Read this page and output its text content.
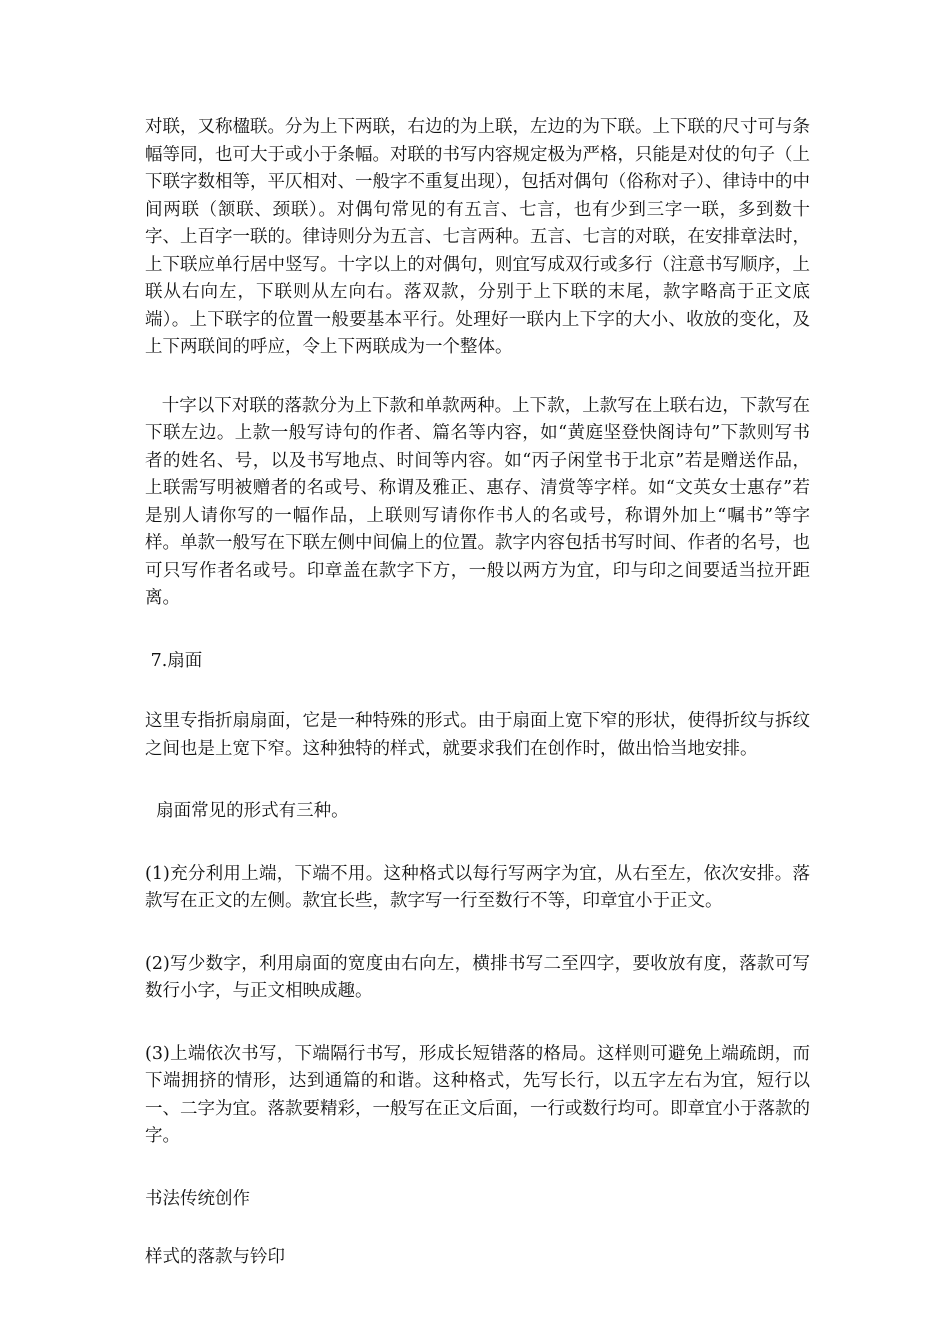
对联，又称楹联。分为上下两联，右边的为上联，左边的为下联。上下联的尺寸可与条幅等同，也可大于或小于条幅。对联的书写内容规定极为严格，只能是对仗的句子（上下联字数相等，平仄相对、一般字不重复出现），包括对偶句（俗称对子）、律诗中的中间两联（颔联、颈联）。对偶句常见的有五言、七言，也有少到三字一联，多到数十字、上百字一联的。律诗则分为五言、七言两种。五言、七言的对联，在安排章法时，上下联应单行居中竖写。十字以上的对偶句，则宜写成双行或多行（注意书写顺序，上联从右向左，下联则从左向右。落双款，分别于上下联的末尾，款字略高于正文底端）。上下联字的位置一般要基本平行。处理好一联内上下字的大小、收放的变化，及上下两联间的呼应，令上下两联成为一个整体。

十字以下对联的落款分为上下款和单款两种。上下款，上款写在上联右边，下款写在下联左边。上款一般写诗句的作者、篇名等内容，如“黄庭坚登快阁诗句”下款则写书者的姓名、号，以及书写地点、时间等内容。如“丙子闲堂书于北京”若是赠送作品，上联需写明被赠者的名或号、称谓及雅正、惠存、清赏等字样。如“文英女士惠存”若是别人请你写的一幅作品，上联则写请你作书人的名或号，称谓外加上“嘱书”等字样。单款一般写在下联左侧中间偏上的位置。款字内容包括书写时间、作者的名号，也可只写作者名或号。印章盖在款字下方，一般以两方为宜，印与印之间要适当拉开距离。

7.扇面

这里专指折扇扇面，它是一种特殊的形式。由于扇面上宽下窄的形状，使得折纹与拆纹之间也是上宽下窄。这种独特的样式，就要求我们在创作时，做出恰当地安排。

扇面常见的形式有三种。

(1)充分利用上端，下端不用。这种格式以每行写两字为宜，从右至左，依次安排。落款写在正文的左侧。款宜长些，款字写一行至数行不等，印章宜小于正文。

(2)写少数字，利用扇面的宽度由右向左，横排书写二至四字，要收放有度，落款可写数行小字，与正文相映成趣。

(3)上端依次书写，下端隔行书写，形成长短错落的格局。这样则可避免上端疏朗，而下端拥挤的情形，达到通篇的和谐。这种格式，先写长行，以五字左右为宜，短行以一、二字为宜。落款要精彩，一般写在正文后面，一行或数行均可。即章宜小于落款的字。

书法传统创作

样式的落款与钤印
